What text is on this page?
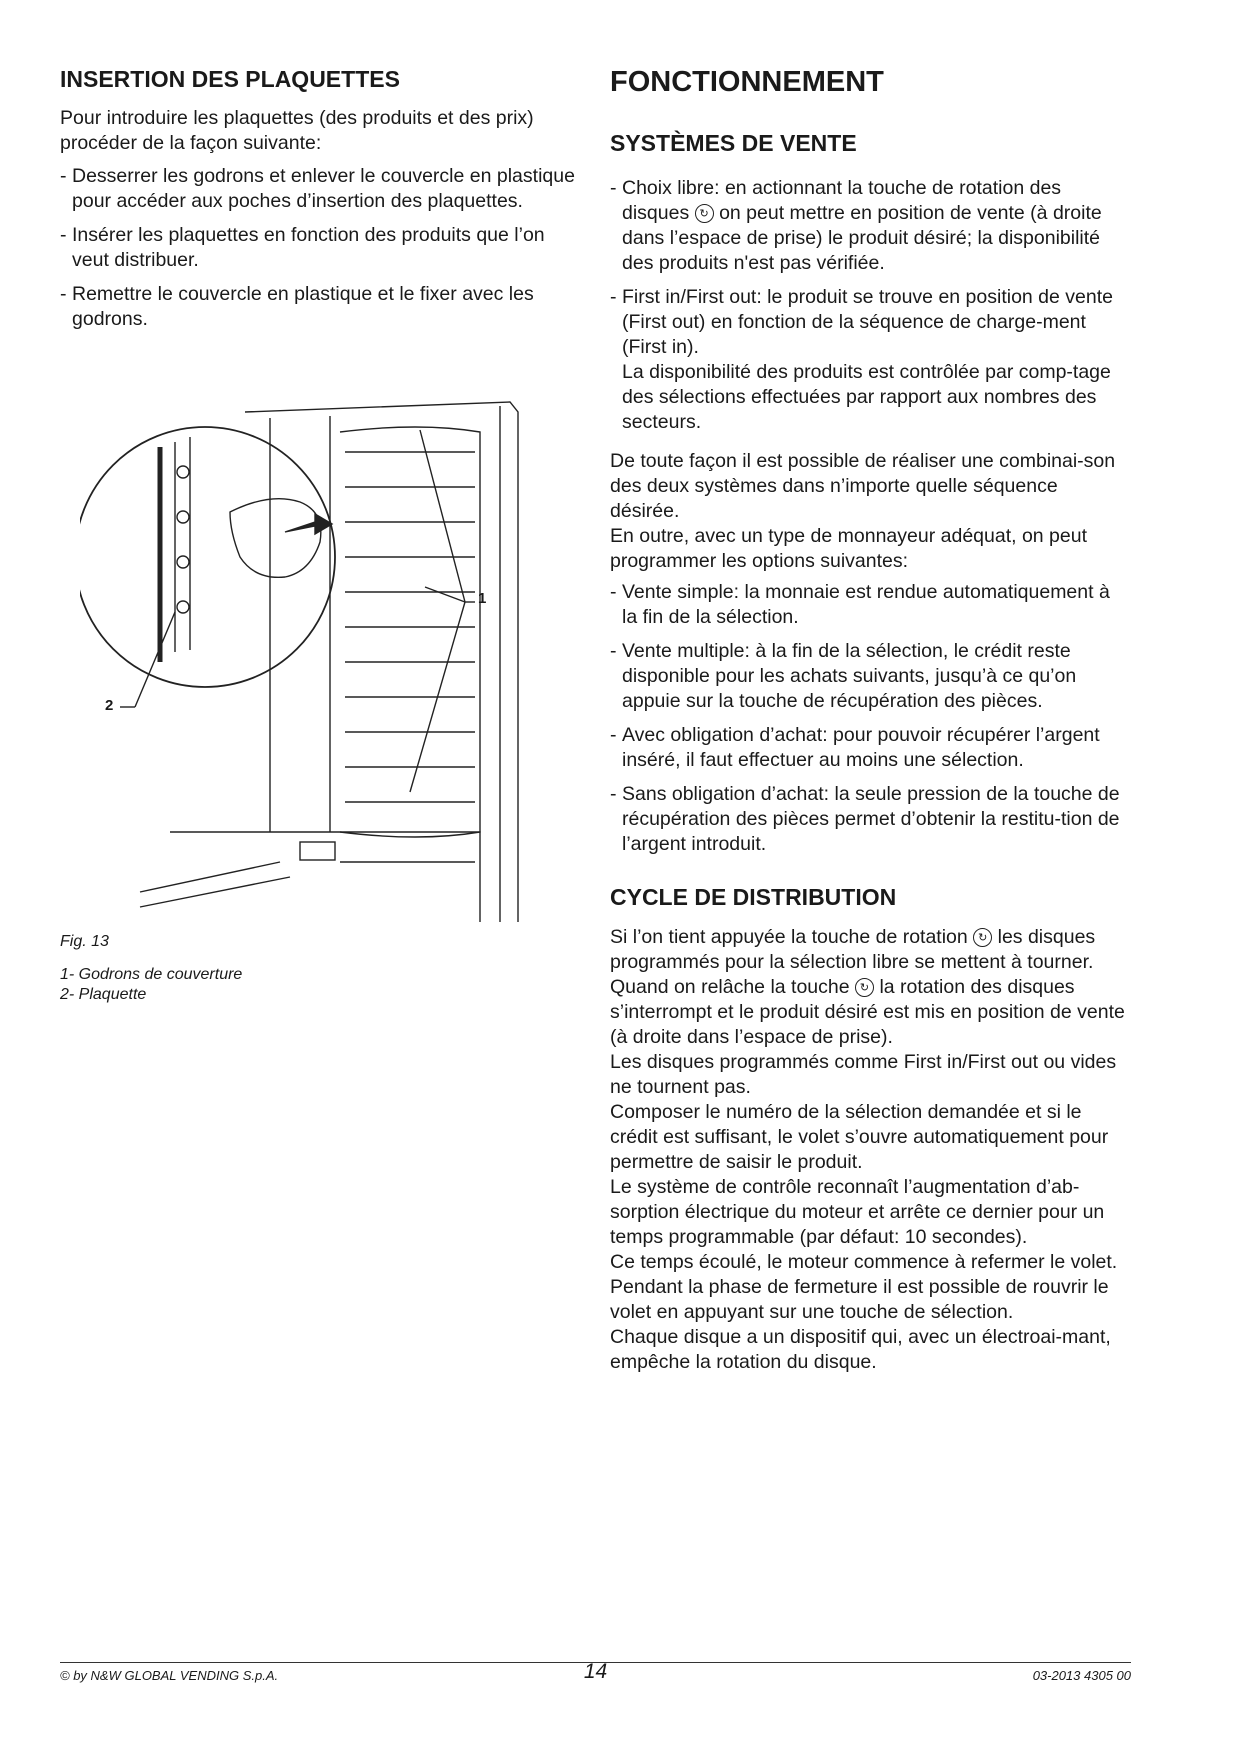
INSERTION DES PLAQUETTES

Pour introduire les plaquettes (des produits et des prix) procéder de la façon suivante:

- Desserrer les godrons et enlever le couvercle en plastique pour accéder aux poches d’insertion des plaquettes.
- Insérer les plaquettes en fonction des produits que l’on veut distribuer.
- Remettre le couvercle en plastique et le fixer avec les godrons.
1
2
Fig. 13
1- Godrons de couverture
2- Plaquette
FONCTIONNEMENT
SYSTÈMES DE VENTE
- Choix libre: en actionnant la touche de rotation des disques ↻ on peut mettre en position de vente (à droite dans l’espace de prise) le produit désiré; la disponibilité des produits n'est pas vérifiée.
- First in/First out: le produit se trouve en position de vente (First out) en fonction de la séquence de charge-ment (First in).
La disponibilité des produits est contrôlée par comp-tage des sélections effectuées par rapport aux nombres des secteurs.

De toute façon il est possible de réaliser une combinai-son des deux systèmes dans n’importe quelle séquence désirée.

En outre, avec un type de monnayeur adéquat, on peut programmer les options suivantes:

- Vente simple: la monnaie est rendue automatiquement à la fin de la sélection.
- Vente multiple: à la fin de la sélection, le crédit reste disponible pour les achats suivants, jusqu’à ce qu’on appuie sur la touche de récupération des pièces.
- Avec obligation d’achat: pour pouvoir récupérer l’argent inséré, il faut effectuer au moins une sélection.
- Sans obligation d’achat: la seule pression de la touche de récupération des pièces permet d’obtenir la restitu-tion de l’argent introduit.
CYCLE DE DISTRIBUTION

Si l’on tient appuyée la touche de rotation ↻ les disques programmés pour la sélection libre se mettent à tourner. Quand on relâche la touche ↻ la rotation des disques s’interrompt et le produit désiré est mis en position de vente (à droite dans l’espace de prise).

Les disques programmés comme First in/First out ou vides ne tournent pas.

Composer le numéro de la sélection demandée et si le crédit est suffisant, le volet s’ouvre automatiquement pour permettre de saisir le produit.

Le système de contrôle reconnaît l’augmentation d’ab-sorption électrique du moteur et arrête ce dernier pour un temps programmable (par défaut: 10 secondes).

Ce temps écoulé, le moteur commence à refermer le volet.

Pendant la phase de fermeture il est possible de rouvrir le volet en appuyant sur une touche de sélection.

Chaque disque a un dispositif qui, avec un électroai-mant, empêche la rotation du disque.

© by N&W GLOBAL VENDING S.p.A.	14	03-2013 4305 00
